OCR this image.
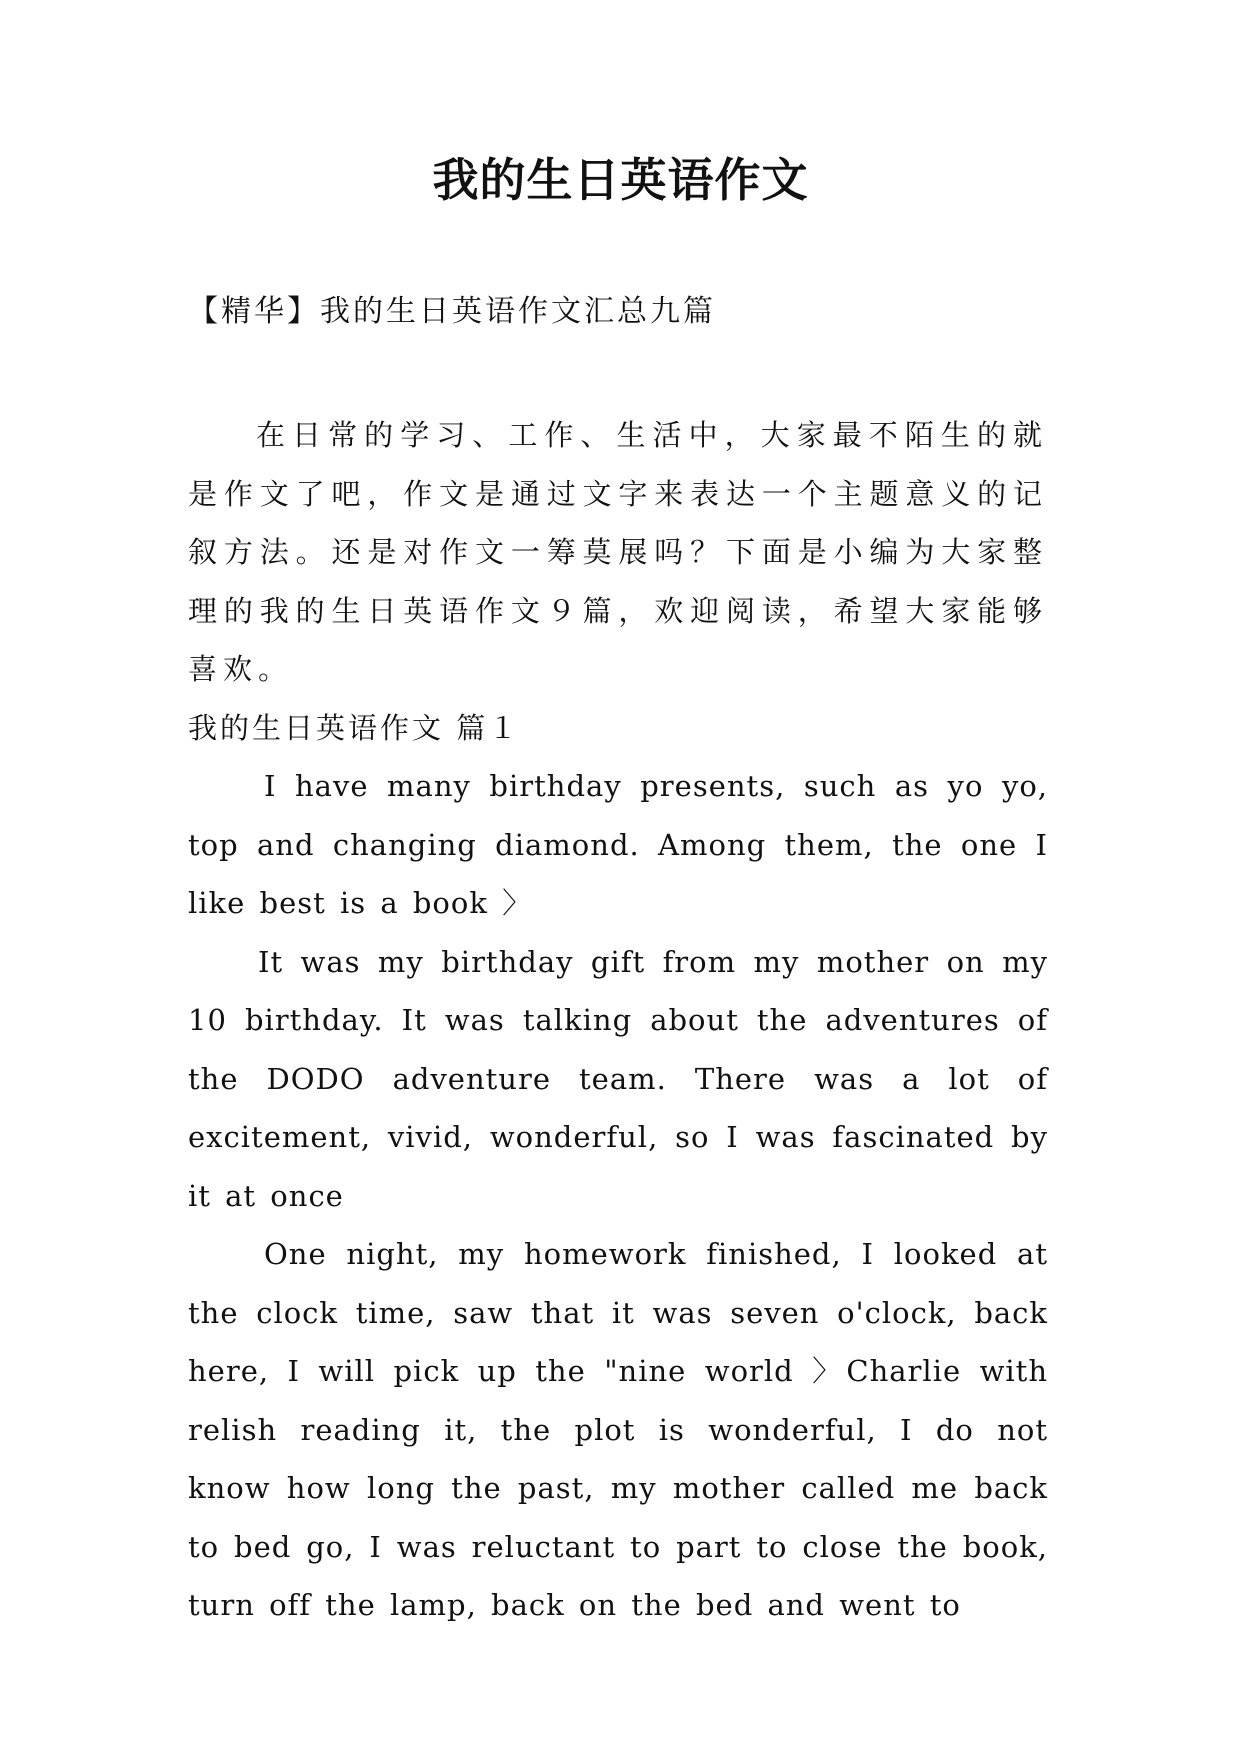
我的生日英语作文

【精华】我的生日英语作文汇总九篇

在日常的学习、工作、生活中，大家最不陌生的就是作文了吧，作文是通过文字来表达一个主题意义的记叙方法。还是对作文一筹莫展吗？下面是小编为大家整理的我的生日英语作文９篇，欢迎阅读，希望大家能够喜欢。

我的生日英语作文 篇１

I have many birthday presents, such as yo yo, top and changing diamond. Among them, the one I like best is a book 〉

It was my birthday gift from my mother on my 10 birthday. It was talking about the adventures of the DODO adventure team. There was a lot of excitement, vivid, wonderful, so I was fascinated by it at once

One night, my homework finished, I looked at the clock time, saw that it was seven o'clock, back here, I will pick up the "nine world 〉Charlie with relish reading it, the plot is wonderful, I do not know how long the past, my mother called me back to bed go, I was reluctant to part to close the book, turn off the lamp, back on the bed and went to
